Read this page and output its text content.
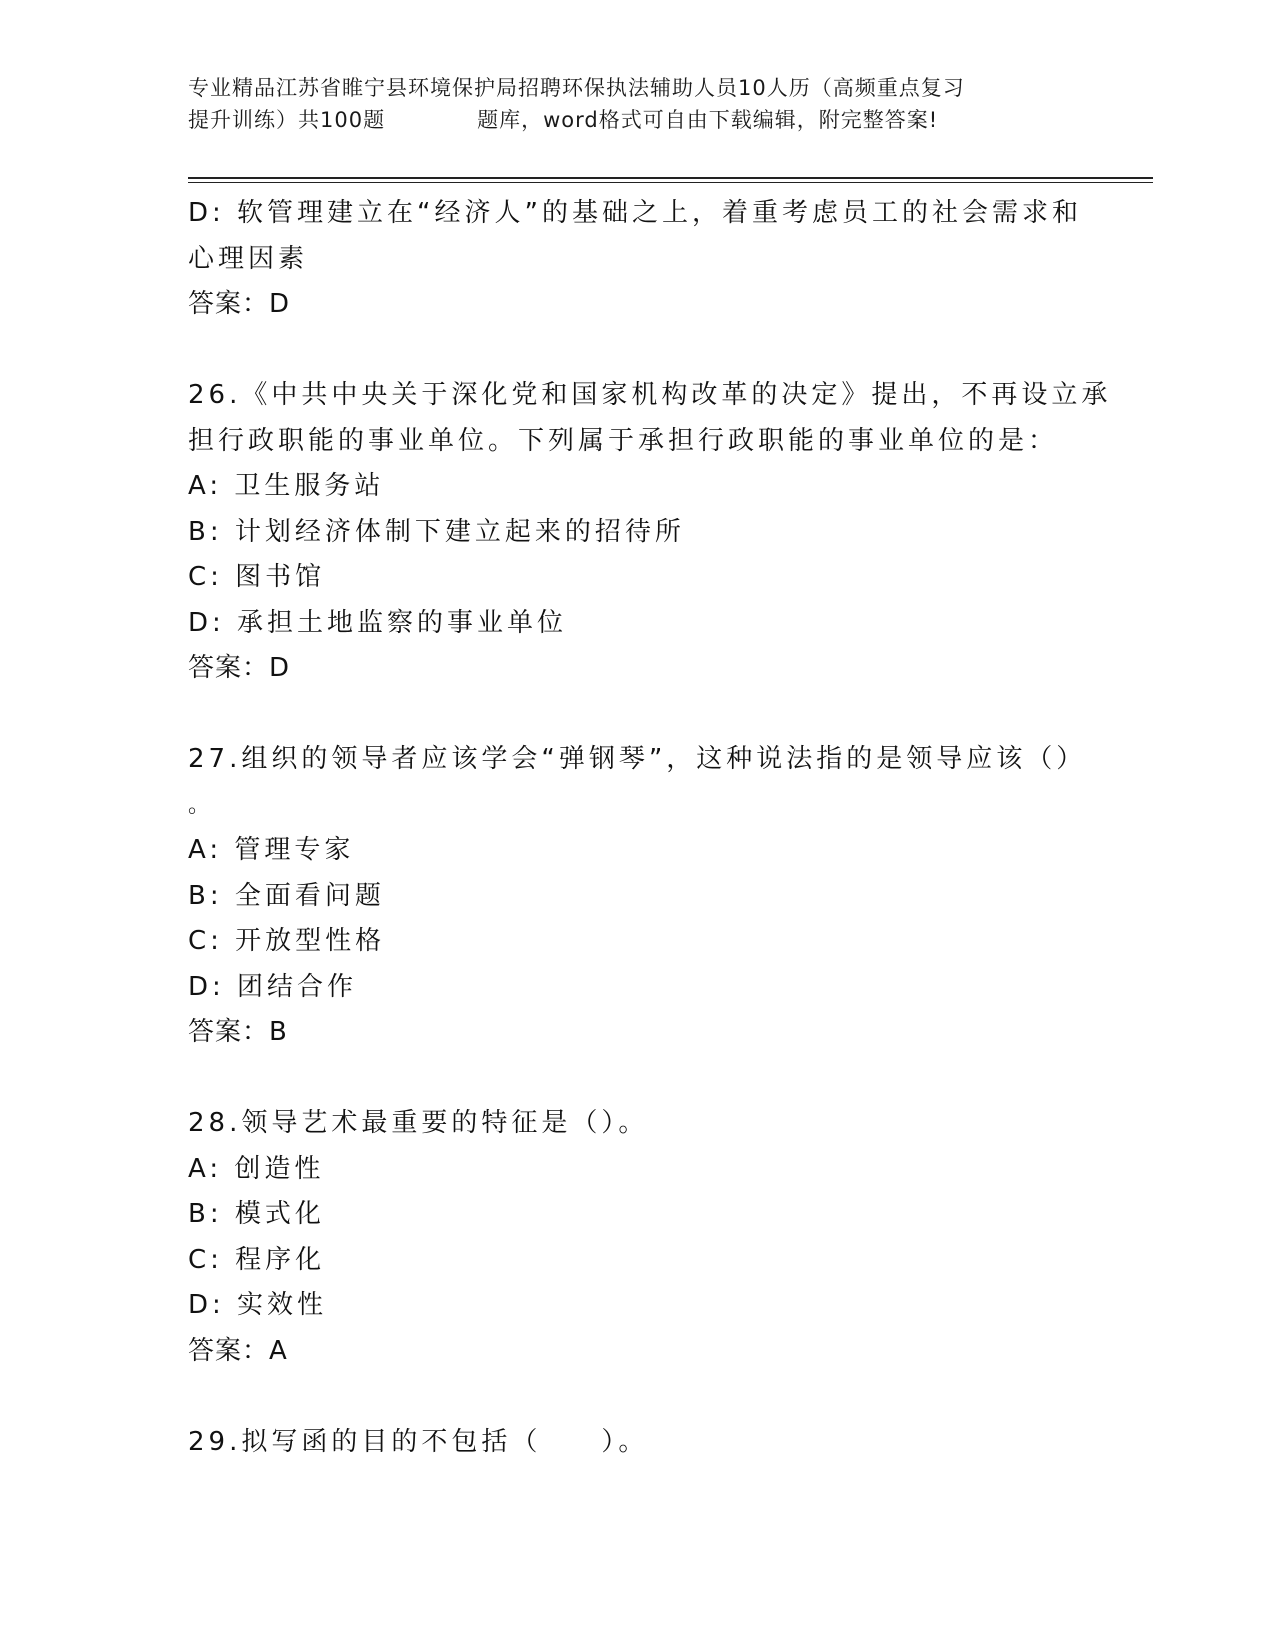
专业精品江苏省睢宁县环境保护局招聘环保执法辅助人员10人历（高频重点复习
提升训练）共100题	题库，word格式可自由下载编辑，附完整答案!
D: 软管理建立在“经济人”的基础之上，着重考虑员工的社会需求和
心理因素
答案：D
26.《中共中央关于深化党和国家机构改革的决定》提出，不再设立承
担行政职能的事业单位。下列属于承担行政职能的事业单位的是：
A: 卫生服务站
B: 计划经济体制下建立起来的招待所
C: 图书馆
D: 承担土地监察的事业单位
答案：D
27.组织的领导者应该学会“弹钢琴”，这种说法指的是领导应该（）
。
A: 管理专家
B: 全面看问题
C: 开放型性格
D: 团结合作
答案：B
28.领导艺术最重要的特征是（）。
A: 创造性
B: 模式化
C: 程序化
D: 实效性
答案：A
29.拟写函的目的不包括（　　）。
